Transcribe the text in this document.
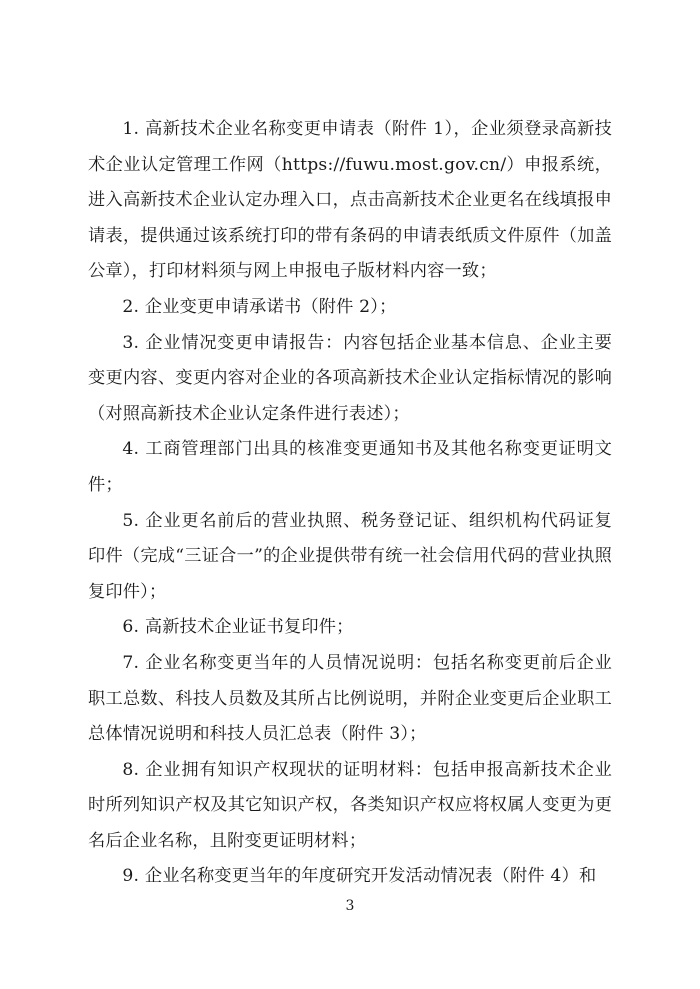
1. 高新技术企业名称变更申请表（附件 1），企业须登录高新技术企业认定管理工作网（https://fuwu.most.gov.cn/）申报系统，进入高新技术企业认定办理入口，点击高新技术企业更名在线填报申请表，提供通过该系统打印的带有条码的申请表纸质文件原件（加盖公章），打印材料须与网上申报电子版材料内容一致；

2. 企业变更申请承诺书（附件 2）；

3. 企业情况变更申请报告：内容包括企业基本信息、企业主要变更内容、变更内容对企业的各项高新技术企业认定指标情况的影响（对照高新技术企业认定条件进行表述）；

4. 工商管理部门出具的核准变更通知书及其他名称变更证明文件；

5. 企业更名前后的营业执照、税务登记证、组织机构代码证复印件（完成“三证合一”的企业提供带有统一社会信用代码的营业执照复印件）；

6. 高新技术企业证书复印件；

7. 企业名称变更当年的人员情况说明：包括名称变更前后企业职工总数、科技人员数及其所占比例说明，并附企业变更后企业职工总体情况说明和科技人员汇总表（附件 3）；

8. 企业拥有知识产权现状的证明材料：包括申报高新技术企业时所列知识产权及其它知识产权，各类知识产权应将权属人变更为更名后企业名称，且附变更证明材料；

9. 企业名称变更当年的年度研究开发活动情况表（附件 4）和

3
